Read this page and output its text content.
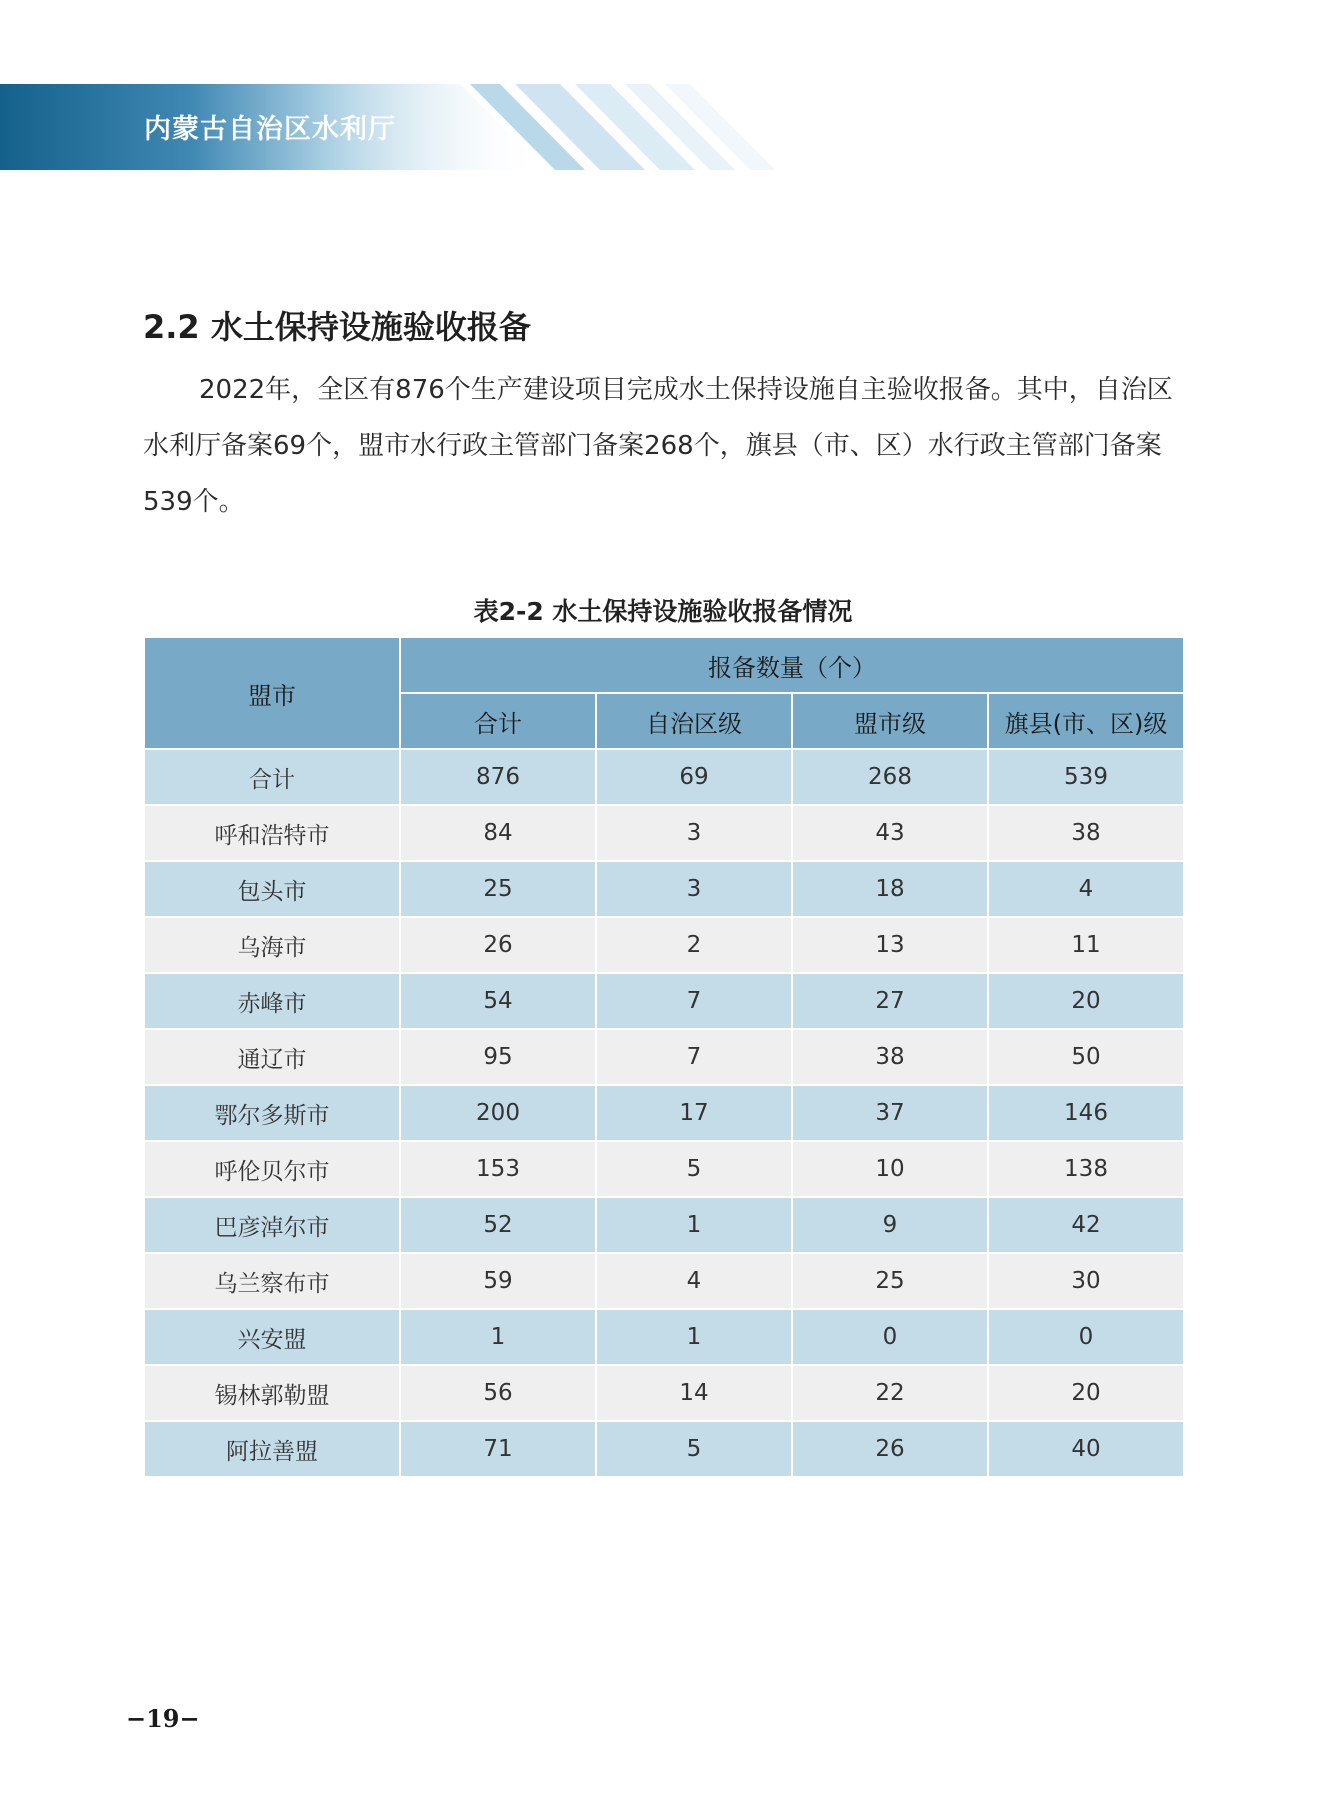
内蒙古自治区水利厅
2.2 水土保持设施验收报备

2022年，全区有876个生产建设项目完成水土保持设施自主验收报备。其中，自治区水利厅备案69个，盟市水行政主管部门备案268个，旗县（市、区）水行政主管部门备案539个。

表2-2 水土保持设施验收报备情况
盟市	报备数量（个）			
	合计	自治区级	盟市级	旗县(市、区)级
合计	876	69	268	539
呼和浩特市	84	3	43	38
包头市	25	3	18	4
乌海市	26	2	13	11
赤峰市	54	7	27	20
通辽市	95	7	38	50
鄂尔多斯市	200	17	37	146
呼伦贝尔市	153	5	10	138
巴彦淖尔市	52	1	9	42
乌兰察布市	59	4	25	30
兴安盟	1	1	0	0
锡林郭勒盟	56	14	22	20
阿拉善盟	71	5	26	40
−19−
